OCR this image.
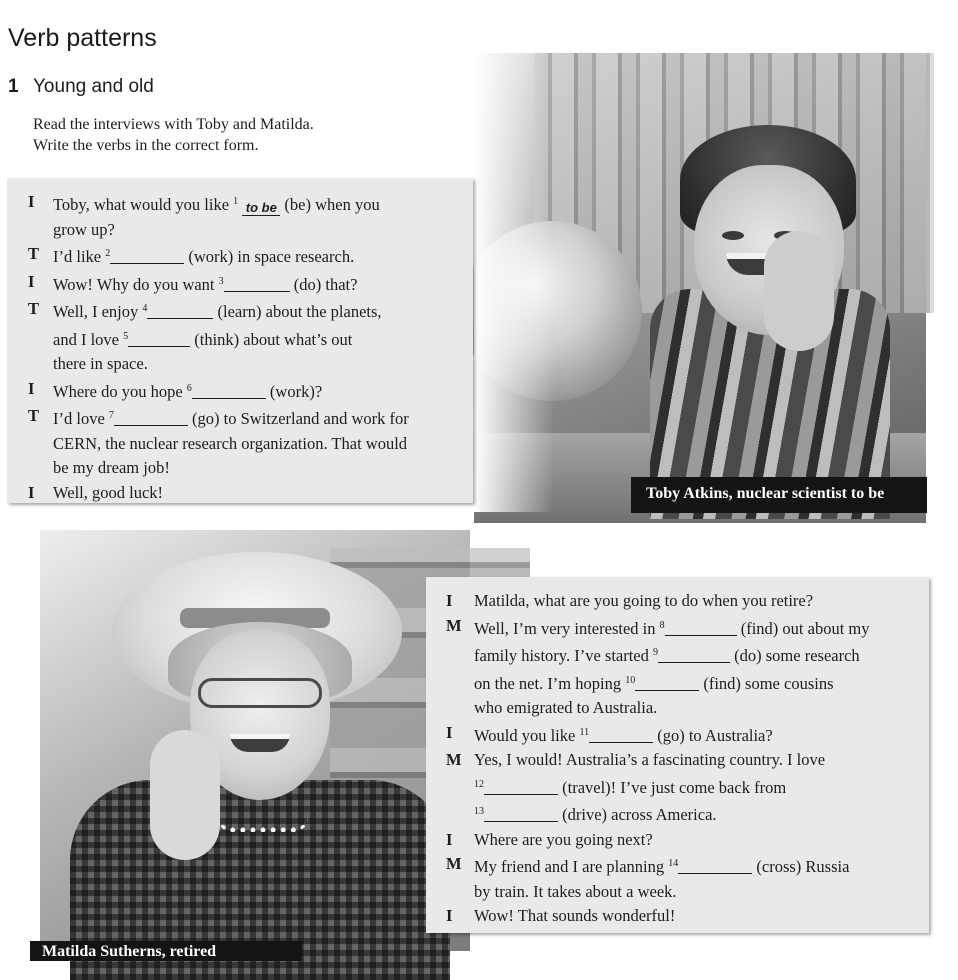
Verb patterns
1 Young and old
Read the interviews with Toby and Matilda.
Write the verbs in the correct form.
Toby Atkins, nuclear scientist to be
Matilda Sutherns, retired
I Toby, what would you like $^1$ to be (be) when you
grow up?
T I’d like $^2$	(work) in space research.
I Wow! Why do you want $^3$	(do) that?
T Well, I enjoy $^4$	(learn) about the planets,
and I love $^5$	(think) about what’s out
there in space.
I Where do you hope $^6$	(work)?
T I’d love $^7$	(go) to Switzerland and work for
CERN, the nuclear research organization. That would
be my dream job!
I Well, good luck!
I Matilda, what are you going to do when you retire?
M Well, I’m very interested in $^8$	(find) out about my
family history. I’ve started $^9$	(do) some research
on the net. I’m hoping $^{10}$	(find) some cousins
who emigrated to Australia.
I Would you like $^{11}$	(go) to Australia?
M Yes, I would! Australia’s a fascinating country. I love
$^{12}$	(travel)! I’ve just come back from
$^{13}$	(drive) across America.
I Where are you going next?
M My friend and I are planning $^{14}$	(cross) Russia
by train. It takes about a week.
I Wow! That sounds wonderful!
